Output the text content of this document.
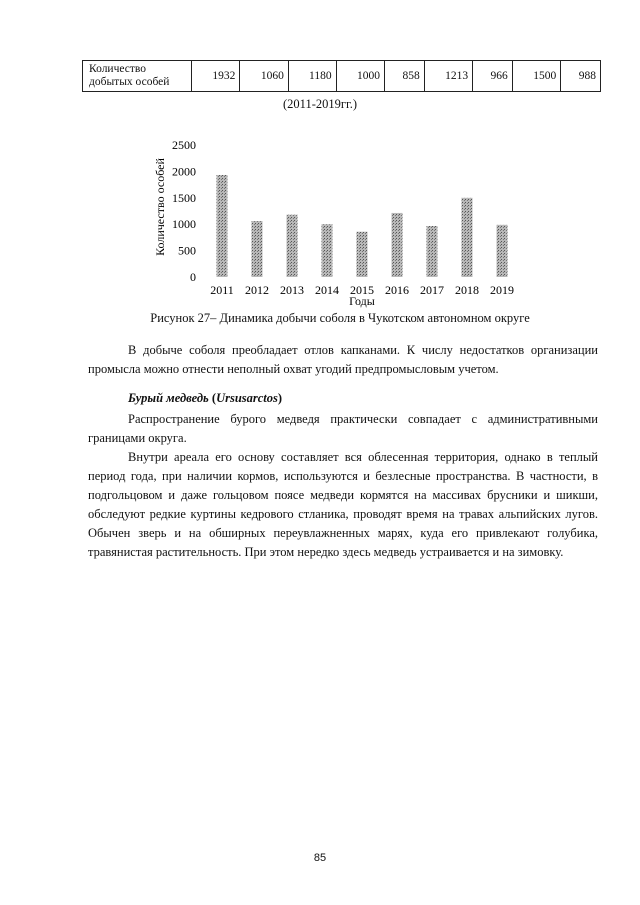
Количество добытых особей	1932	1060	1180	1000	858	1213	966	1500	988
(2011-2019гг.)
0
500
1000
1500
2000
2500
2011 2012 2013 2014 2015 2016 2017 2018 2019
Количество особей
Годы
Рисунок 27– Динамика добычи соболя в Чукотском автономном округе

В добыче соболя преобладает отлов капканами. К числу недостатков организации промысла можно отнести неполный охват угодий предпромысловым учетом.

Бурый медведь (Ursusarctos)

Распространение бурого медведя практически совпадает с административными границами округа.

Внутри ареала его основу составляет вся облесенная территория, однако в теплый период года, при наличии кормов, используются и безлесные пространства. В частности, в подгольцовом и даже гольцовом поясе медведи кормятся на массивах брусники и шикши, обследуют редкие куртины кедрового стланика, проводят время на травах альпийских лугов. Обычен зверь и на обширных переувлажненных марях, куда его привлекают голубика, травянистая растительность. При этом нередко здесь медведь устраивается и на зимовку.

85
